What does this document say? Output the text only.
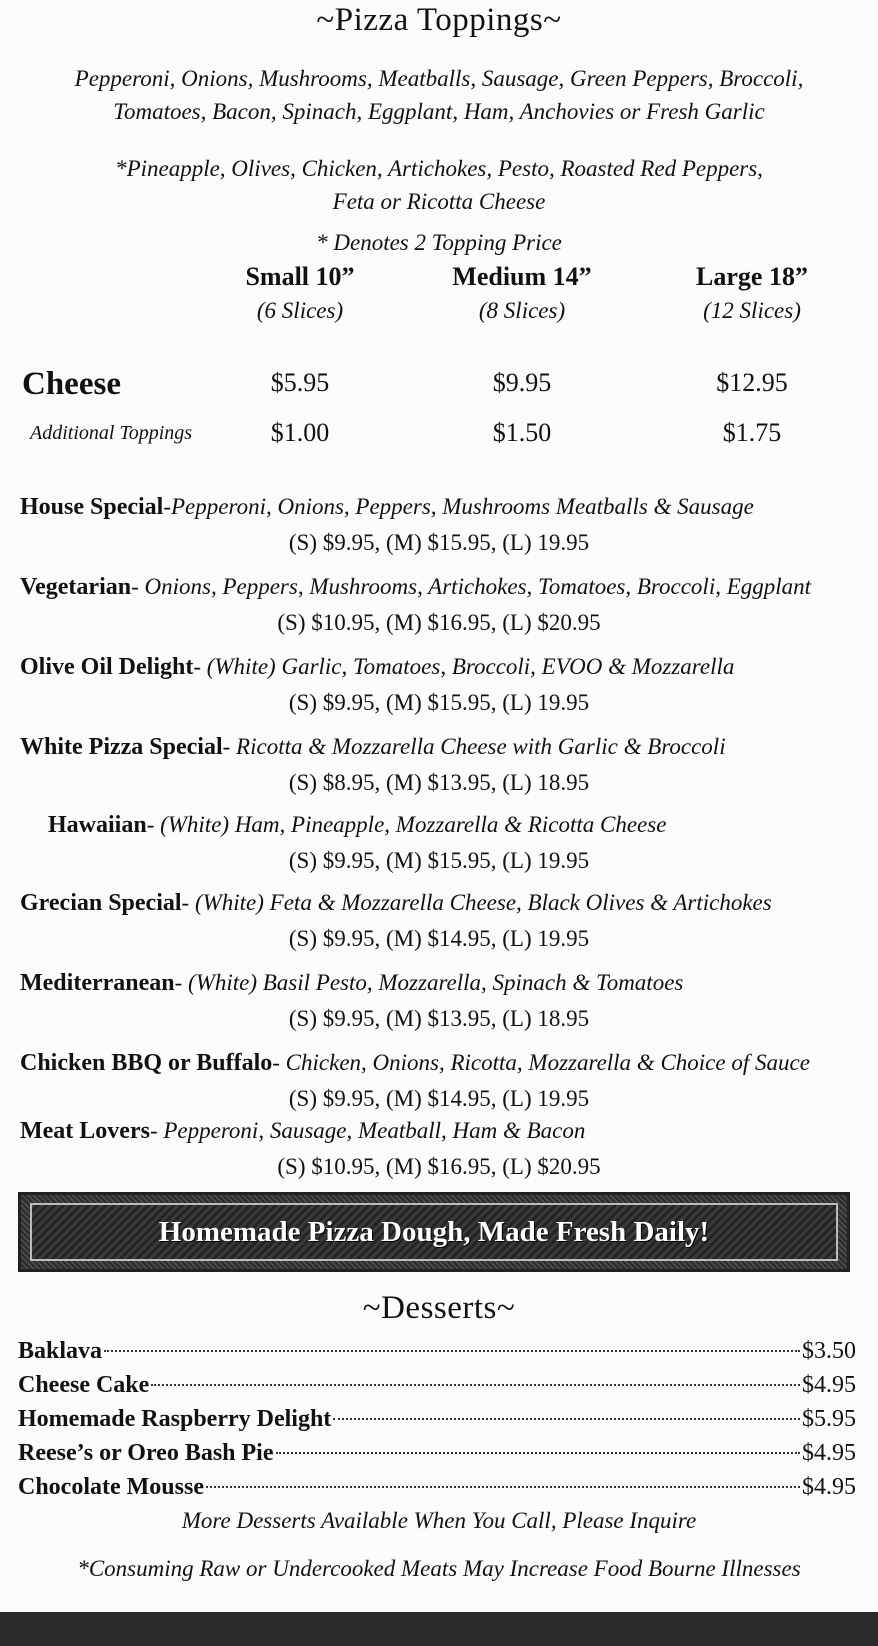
~Pizza Toppings~
Pepperoni, Onions, Mushrooms, Meatballs, Sausage, Green Peppers, Broccoli,
Tomatoes, Bacon, Spinach, Eggplant, Ham, Anchovies or Fresh Garlic
*Pineapple, Olives, Chicken, Artichokes, Pesto, Roasted Red Peppers,
Feta or Ricotta Cheese
* Denotes 2 Topping Price
Small 10”
(6 Slices)
Medium 14”
(8 Slices)
Large 18”
(12 Slices)
Cheese	$5.95	$9.95	$12.95
Additional Toppings	$1.00	$1.50	$1.75
House Special-Pepperoni, Onions, Peppers, Mushrooms Meatballs & Sausage
(S) $9.95, (M) $15.95, (L) 19.95
Vegetarian- Onions, Peppers, Mushrooms, Artichokes, Tomatoes, Broccoli, Eggplant
(S) $10.95, (M) $16.95, (L) $20.95
Olive Oil Delight- (White) Garlic, Tomatoes, Broccoli, EVOO & Mozzarella
(S) $9.95, (M) $15.95, (L) 19.95
White Pizza Special- Ricotta & Mozzarella Cheese with Garlic & Broccoli
(S) $8.95, (M) $13.95, (L) 18.95
Hawaiian- (White) Ham, Pineapple, Mozzarella & Ricotta Cheese
(S) $9.95, (M) $15.95, (L) 19.95
Grecian Special- (White) Feta & Mozzarella Cheese, Black Olives & Artichokes
(S) $9.95, (M) $14.95, (L) 19.95
Mediterranean- (White) Basil Pesto, Mozzarella, Spinach & Tomatoes
(S) $9.95, (M) $13.95, (L) 18.95
Chicken BBQ or Buffalo- Chicken, Onions, Ricotta, Mozzarella & Choice of Sauce
(S) $9.95, (M) $14.95, (L) 19.95
Meat Lovers- Pepperoni, Sausage, Meatball, Ham & Bacon
(S) $10.95, (M) $16.95, (L) $20.95
Homemade Pizza Dough, Made Fresh Daily!
~Desserts~
Baklava	$3.50
Cheese Cake	$4.95
Homemade Raspberry Delight	$5.95
Reese’s or Oreo Bash Pie	$4.95
Chocolate Mousse	$4.95
More Desserts Available When You Call, Please Inquire
*Consuming Raw or Undercooked Meats May Increase Food Bourne Illnesses
